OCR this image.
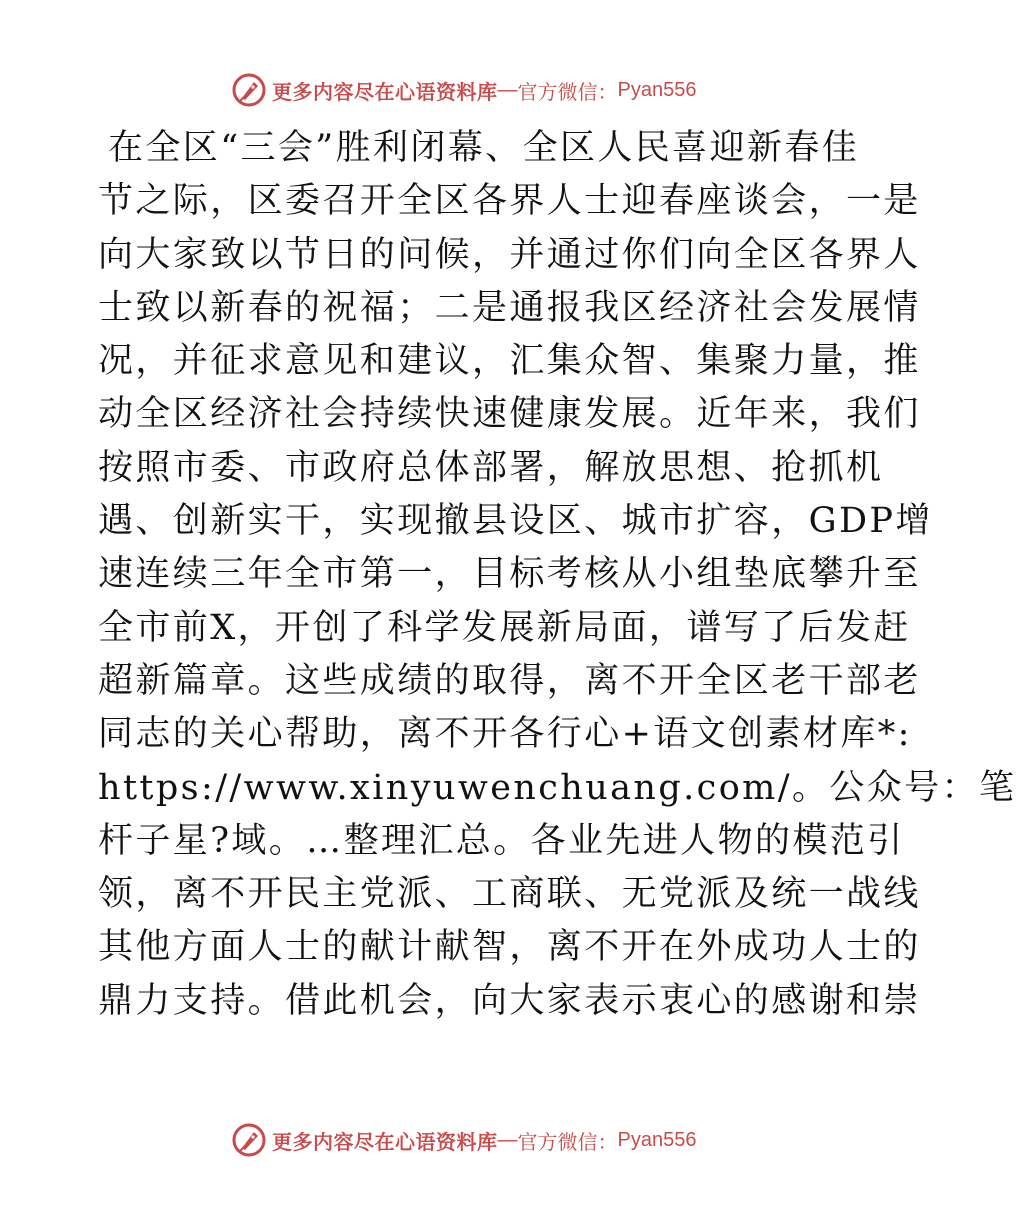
更多内容尽在心语资料库 — 官方微信： Pyan556
在全区“三会”胜利闭幕、全区人民喜迎新春佳
节之际，区委召开全区各界人士迎春座谈会，一是
向大家致以节日的问候，并通过你们向全区各界人
士致以新春的祝福；二是通报我区经济社会发展情
况，并征求意见和建议，汇集众智、集聚力量，推
动全区经济社会持续快速健康发展。近年来，我们
按照市委、市政府总体部署，解放思想、抢抓机
遇、创新实干，实现撤县设区、城市扩容，GDP增
速连续三年全市第一，目标考核从小组垫底攀升至
全市前X，开创了科学发展新局面，谱写了后发赶
超新篇章。这些成绩的取得，离不开全区老干部老
同志的关心帮助，离不开各行心+语文创素材库*:
https://www.xinyuwenchuang.com/。公众号：笔
杆子星?域。…整理汇总。各业先进人物的模范引
领，离不开民主党派、工商联、无党派及统一战线
其他方面人士的献计献智，离不开在外成功人士的
鼎力支持。借此机会，向大家表示衷心的感谢和崇
更多内容尽在心语资料库 — 官方微信： Pyan556
